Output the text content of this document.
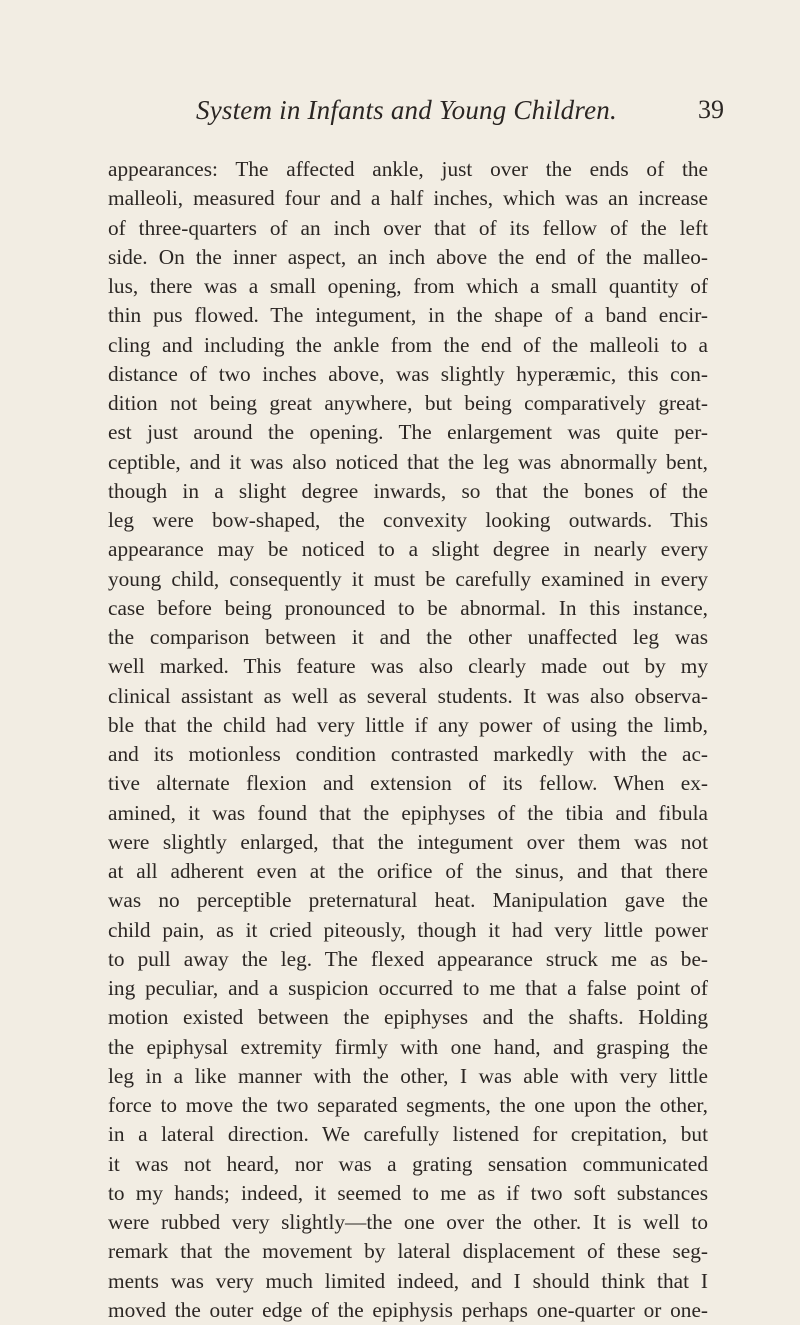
System in Infants and Young Children.	39
appearances: The affected ankle, just over the ends of the
malleoli, measured four and a half inches, which was an increase
of three-quarters of an inch over that of its fellow of the left
side. On the inner aspect, an inch above the end of the malleo-
lus, there was a small opening, from which a small quantity of
thin pus flowed. The integument, in the shape of a band encir-
cling and including the ankle from the end of the malleoli to a
distance of two inches above, was slightly hyperæmic, this con-
dition not being great anywhere, but being comparatively great-
est just around the opening. The enlargement was quite per-
ceptible, and it was also noticed that the leg was abnormally bent,
though in a slight degree inwards, so that the bones of the
leg were bow-shaped, the convexity looking outwards. This
appearance may be noticed to a slight degree in nearly every
young child, consequently it must be carefully examined in every
case before being pronounced to be abnormal. In this instance,
the comparison between it and the other unaffected leg was
well marked. This feature was also clearly made out by my
clinical assistant as well as several students. It was also observa-
ble that the child had very little if any power of using the limb,
and its motionless condition contrasted markedly with the ac-
tive alternate flexion and extension of its fellow. When ex-
amined, it was found that the epiphyses of the tibia and fibula
were slightly enlarged, that the integument over them was not
at all adherent even at the orifice of the sinus, and that there
was no perceptible preternatural heat. Manipulation gave the
child pain, as it cried piteously, though it had very little power
to pull away the leg. The flexed appearance struck me as be-
ing peculiar, and a suspicion occurred to me that a false point of
motion existed between the epiphyses and the shafts. Holding
the epiphysal extremity firmly with one hand, and grasping the
leg in a like manner with the other, I was able with very little
force to move the two separated segments, the one upon the other,
in a lateral direction. We carefully listened for crepitation, but
it was not heard, nor was a grating sensation communicated
to my hands; indeed, it seemed to me as if two soft substances
were rubbed very slightly—the one over the other. It is well to
remark that the movement by lateral displacement of these seg-
ments was very much limited indeed, and I should think that I
moved the outer edge of the epiphysis perhaps one-quarter or one-
